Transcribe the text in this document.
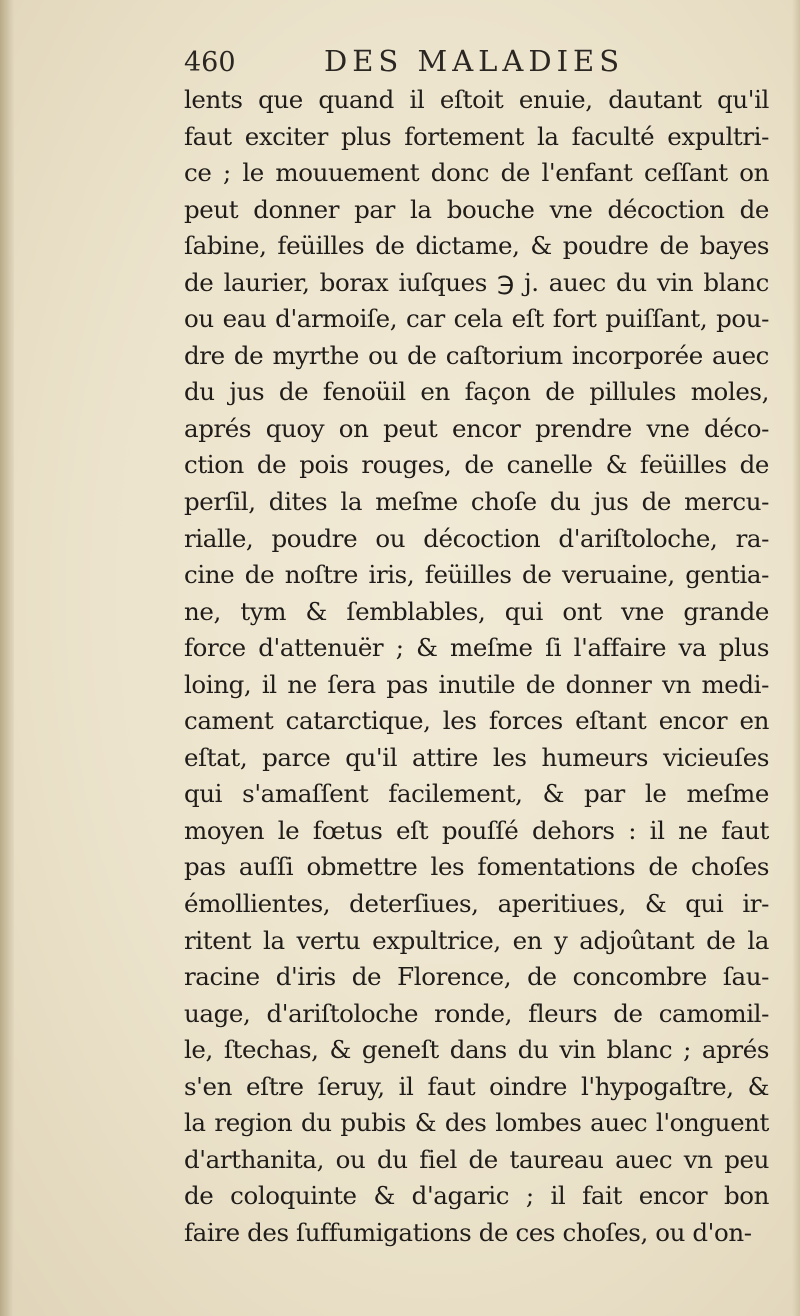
460	DES MALADIES
lents que quand il eſtoit enuie, dautant qu'il
faut exciter plus fortement la faculté expultri-
ce ; le mouuement donc de l'enfant ceſſant on
peut donner par la bouche vne décoction de
ſabine, feüilles de dictame, & poudre de bayes
de laurier, borax iuſques ℈ j. auec du vin blanc
ou eau d'armoiſe, car cela eſt fort puiſſant, pou-
dre de myrthe ou de caſtorium incorporée auec
du jus de fenoüil en façon de pillules moles,
aprés quoy on peut encor prendre vne déco-
ction de pois rouges, de canelle & feüilles de
perſil, dites la meſme choſe du jus de mercu-
rialle, poudre ou décoction d'ariſtoloche, ra-
cine de noſtre iris, feüilles de veruaine, gentia-
ne, tym & ſemblables, qui ont vne grande
force d'attenuër ; & meſme ſi l'affaire va plus
loing, il ne ſera pas inutile de donner vn medi-
cament catarctique, les forces eſtant encor en
eſtat, parce qu'il attire les humeurs vicieuſes
qui s'amaſſent facilement, & par le meſme
moyen le fœtus eſt pouſſé dehors : il ne faut
pas auſſi obmettre les fomentations de choſes
émollientes, deterſiues, aperitiues, & qui ir-
ritent la vertu expultrice, en y adjoûtant de la
racine d'iris de Florence, de concombre ſau-
uage, d'ariſtoloche ronde, fleurs de camomil-
le, ſtechas, & geneſt dans du vin blanc ; aprés
s'en eſtre ſeruy, il faut oindre l'hypogaſtre, &
la region du pubis & des lombes auec l'onguent
d'arthanita, ou du fiel de taureau auec vn peu
de coloquinte & d'agaric ; il fait encor bon
faire des ſuffumigations de ces choſes, ou d'on-
